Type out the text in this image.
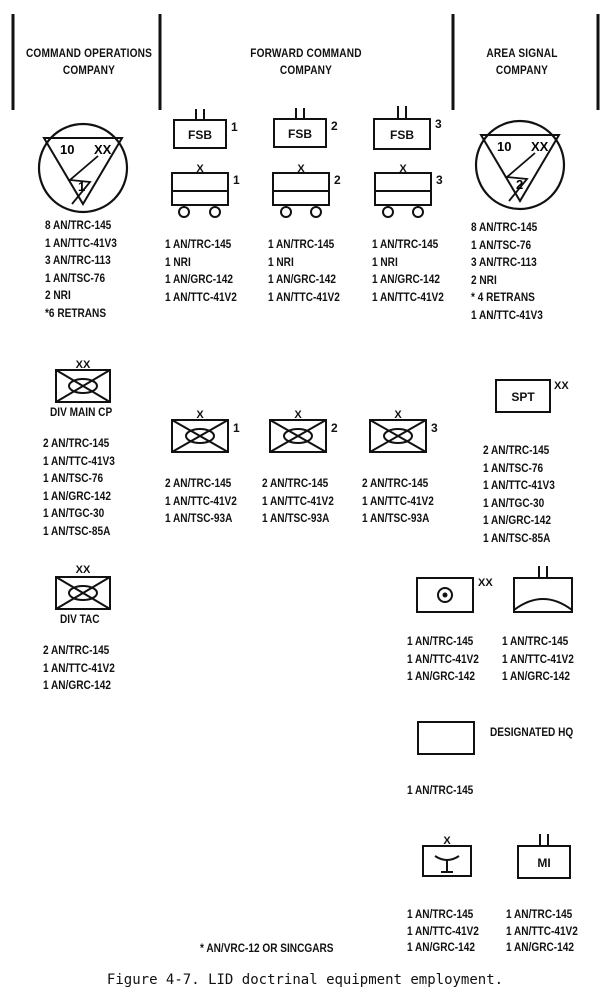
COMMAND OPERATIONS
COMPANY
FORWARD COMMAND
COMPANY
AREA SIGNAL
COMPANY
10 XX
1
10 XX
2
FSB
1	FSB
2
FSB
3
X
1
X
2
X
3
XX
XX
X
1
X
2
X
3
SPT
XX
XX
X
MI
8 AN/TRC-145
1 AN/TTC-41V3
3 AN/TRC-113
1 AN/TSC-76
2 NRI
*6 RETRANS
1 AN/TRC-145
1 NRI
1 AN/GRC-142
1 AN/TTC-41V2
1 AN/TRC-145
1 NRI
1 AN/GRC-142
1 AN/TTC-41V2
1 AN/TRC-145
1 NRI
1 AN/GRC-142
1 AN/TTC-41V2
8 AN/TRC-145
1 AN/TSC-76
3 AN/TRC-113
2 NRI
* 4 RETRANS
1 AN/TTC-41V3
2 AN/TRC-145
1 AN/TTC-41V3
1 AN/TSC-76
1 AN/GRC-142
1 AN/TGC-30
1 AN/TSC-85A
2 AN/TRC-145
1 AN/TTC-41V2
1 AN/TSC-93A
2 AN/TRC-145
1 AN/TTC-41V2
1 AN/TSC-93A
2 AN/TRC-145
1 AN/TTC-41V2
1 AN/TSC-93A
2 AN/TRC-145
1 AN/TSC-76
1 AN/TTC-41V3
1 AN/TGC-30
1 AN/GRC-142
1 AN/TSC-85A
2 AN/TRC-145
1 AN/TTC-41V2
1 AN/GRC-142
1 AN/TRC-145
1 AN/TTC-41V2
1 AN/GRC-142
1 AN/TRC-145
1 AN/TTC-41V2
1 AN/GRC-142
1 AN/TRC-145
1 AN/TRC-145
1 AN/TTC-41V2
1 AN/GRC-142
1 AN/TRC-145
1 AN/TTC-41V2
1 AN/GRC-142
DIV MAIN CP
DIV TAC
DESIGNATED HQ
* AN/VRC-12 OR SINCGARS
Figure 4-7. LID doctrinal equipment employment.
